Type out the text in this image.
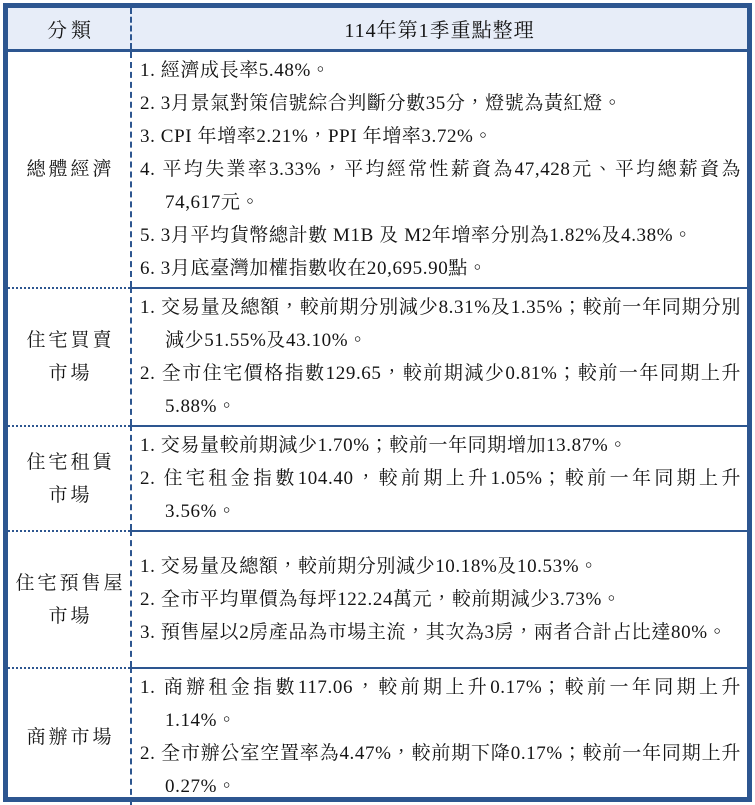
分類	114年第1季重點整理
總體經濟
1. 經濟成長率5.48%。
2. 3月景氣對策信號綜合判斷分數35分，燈號為黃紅燈。
3. CPI 年增率2.21%，PPI 年增率3.72%。
4. 平均失業率3.33%，平均經常性薪資為47,428元、平均總薪資為74,617元。
5. 3月平均貨幣總計數 M1B 及 M2年增率分別為1.82%及4.38%。
6. 3月底臺灣加權指數收在20,695.90點。
住宅買賣
市場
1. 交易量及總額，較前期分別減少8.31%及1.35%；較前一年同期分別減少51.55%及43.10%。
2. 全市住宅價格指數129.65，較前期減少0.81%；較前一年同期上升5.88%。
住宅租賃
市場
1. 交易量較前期減少1.70%；較前一年同期增加13.87%。
2. 住宅租金指數104.40，較前期上升1.05%；較前一年同期上升3.56%。
住宅預售屋
市場
1. 交易量及總額，較前期分別減少10.18%及10.53%。
2. 全市平均單價為每坪122.24萬元，較前期減少3.73%。
3. 預售屋以2房產品為市場主流，其次為3房，兩者合計占比達80%。
商辦市場
1. 商辦租金指數117.06，較前期上升0.17%；較前一年同期上升1.14%。
2. 全市辦公室空置率為4.47%，較前期下降0.17%；較前一年同期上升0.27%。
